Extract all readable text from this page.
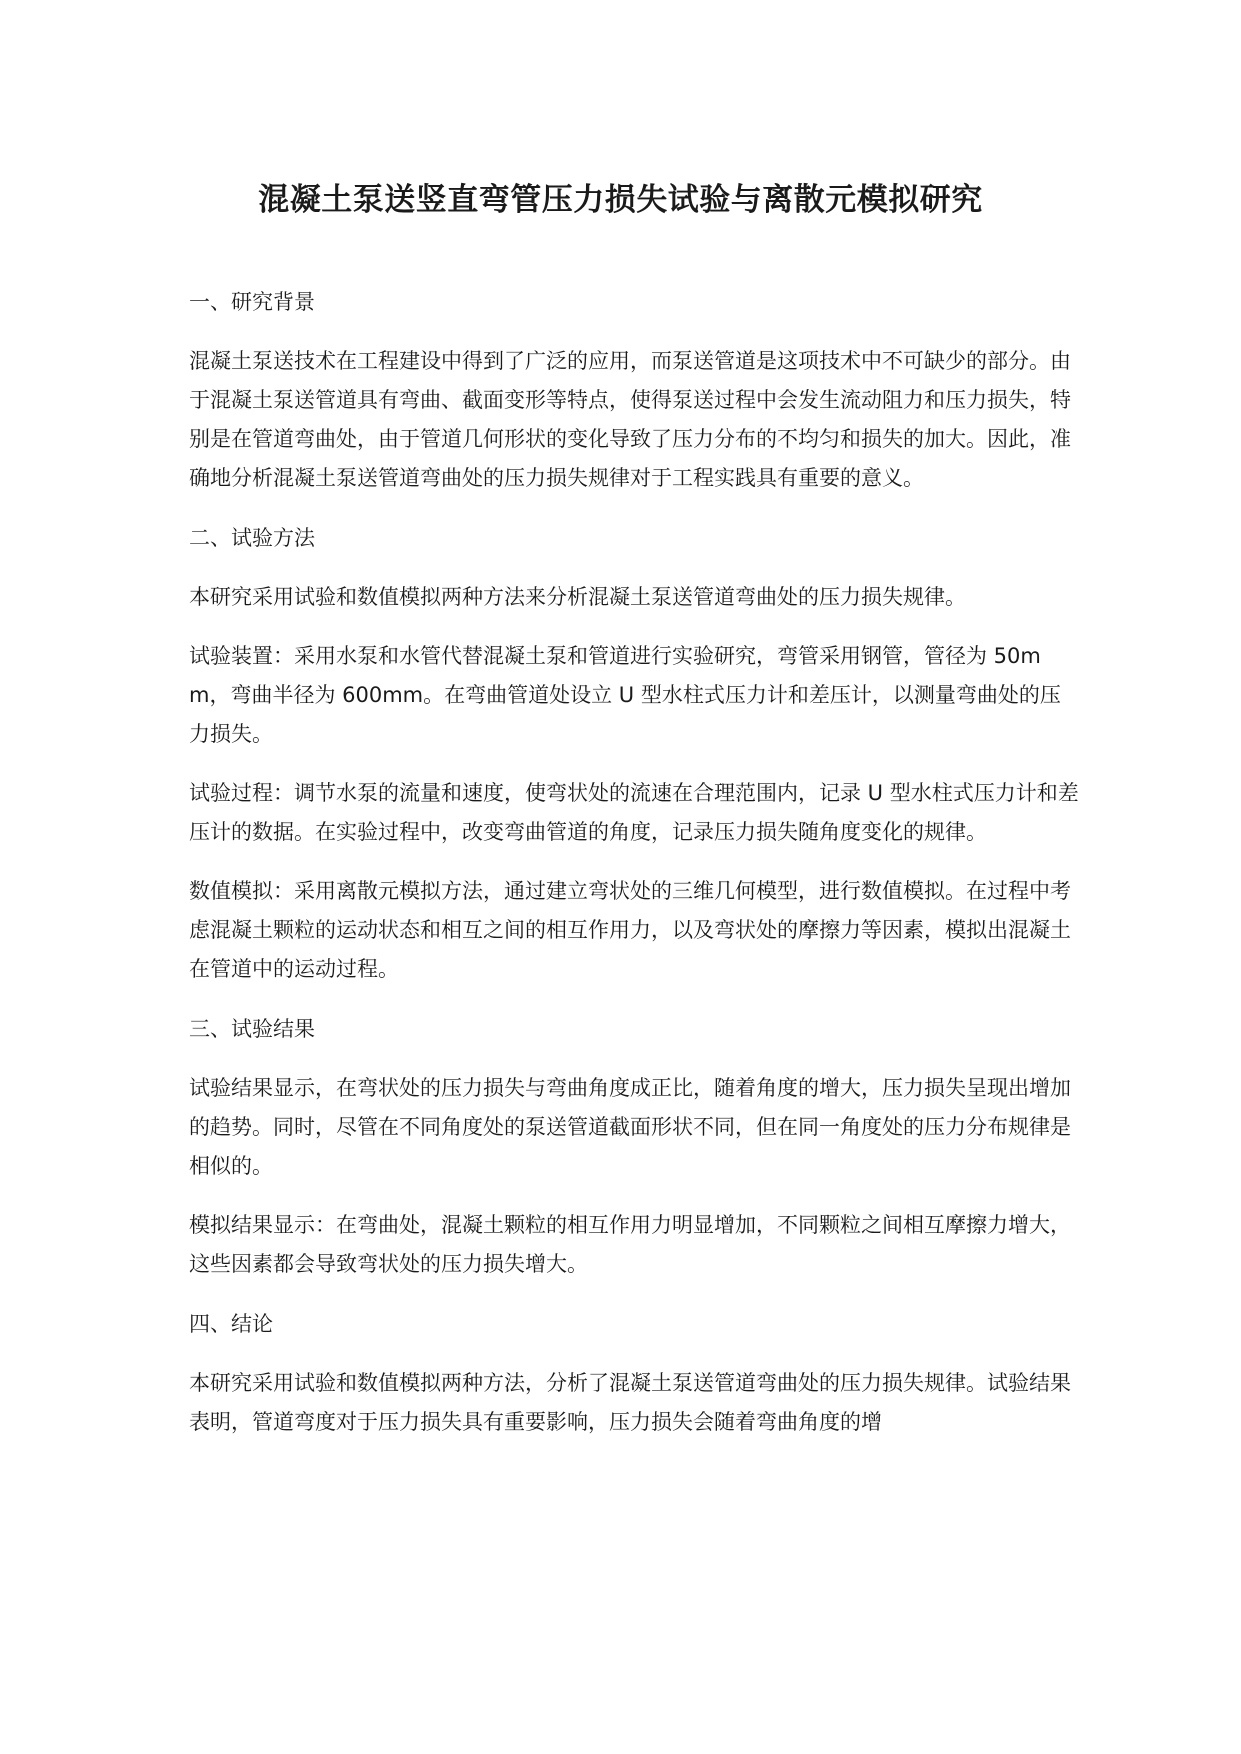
混凝土泵送竖直弯管压力损失试验与离散元模拟研究

一、研究背景

混凝土泵送技术在工程建设中得到了广泛的应用，而泵送管道是这项技术中不可缺少的部分。由于混凝土泵送管道具有弯曲、截面变形等特点，使得泵送过程中会发生流动阻力和压力损失，特别是在管道弯曲处，由于管道几何形状的变化导致了压力分布的不均匀和损失的加大。因此，准确地分析混凝土泵送管道弯曲处的压力损失规律对于工程实践具有重要的意义。

二、试验方法

本研究采用试验和数值模拟两种方法来分析混凝土泵送管道弯曲处的压力损失规律。

试验装置：采用水泵和水管代替混凝土泵和管道进行实验研究，弯管采用钢管，管径为 50mm，弯曲半径为 600mm。在弯曲管道处设立 U 型水柱式压力计和差压计，以测量弯曲处的压力损失。

试验过程：调节水泵的流量和速度，使弯状处的流速在合理范围内，记录 U 型水柱式压力计和差压计的数据。在实验过程中，改变弯曲管道的角度，记录压力损失随角度变化的规律。

数值模拟：采用离散元模拟方法，通过建立弯状处的三维几何模型，进行数值模拟。在过程中考虑混凝土颗粒的运动状态和相互之间的相互作用力，以及弯状处的摩擦力等因素，模拟出混凝土在管道中的运动过程。

三、试验结果

试验结果显示，在弯状处的压力损失与弯曲角度成正比，随着角度的增大，压力损失呈现出增加的趋势。同时，尽管在不同角度处的泵送管道截面形状不同，但在同一角度处的压力分布规律是相似的。

模拟结果显示：在弯曲处，混凝土颗粒的相互作用力明显增加，不同颗粒之间相互摩擦力增大，这些因素都会导致弯状处的压力损失增大。

四、结论

本研究采用试验和数值模拟两种方法，分析了混凝土泵送管道弯曲处的压力损失规律。试验结果表明，管道弯度对于压力损失具有重要影响，压力损失会随着弯曲角度的增
